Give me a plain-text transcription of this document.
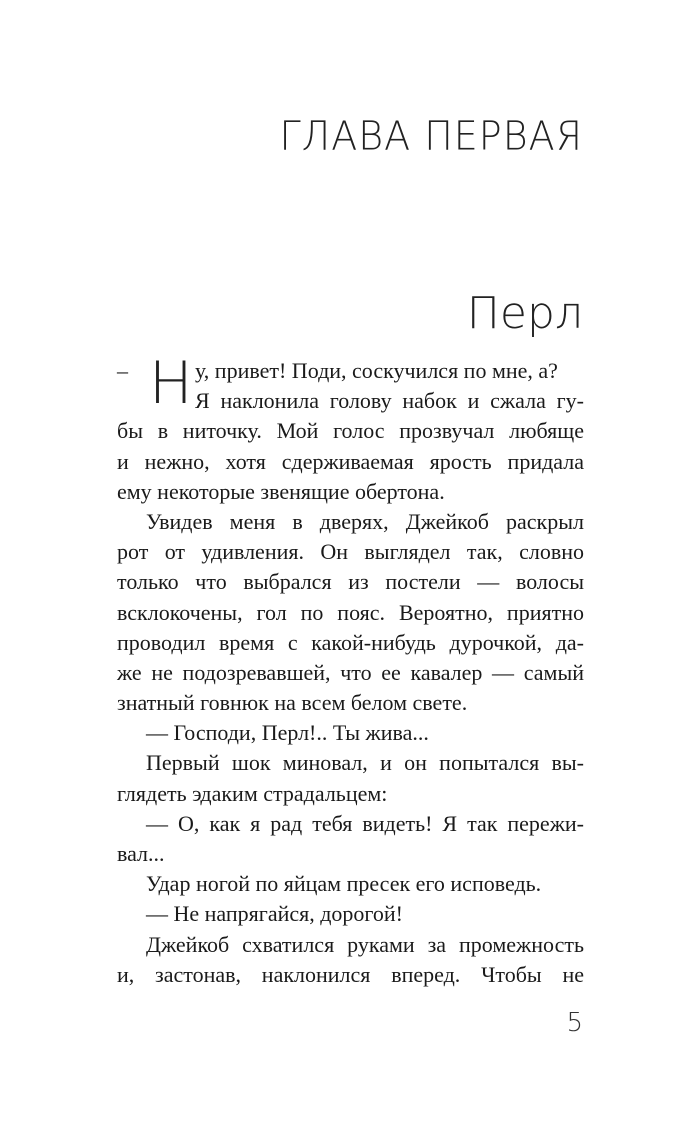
ГЛАВА ПЕРВАЯ
Перл
– Н у, привет! Поди, соскучился по мне, а?
Я наклонила голову набок и сжала гу-
бы в ниточку. Мой голос прозвучал любяще
и нежно, хотя сдерживаемая ярость придала
ему некоторые звенящие обертона.
Увидев меня в дверях, Джейкоб раскрыл
рот от удивления. Он выглядел так, словно
только что выбрался из постели — волосы
всклокочены, гол по пояс. Вероятно, приятно
проводил время с какой-нибудь дурочкой, да-
же не подозревавшей, что ее кавалер — самый
знатный говнюк на всем белом свете.
— Господи, Перл!.. Ты жива...
Первый шок миновал, и он попытался вы-
глядеть эдаким страдальцем:
— О, как я рад тебя видеть! Я так пережи-
вал...
Удар ногой по яйцам пресек его исповедь.
— Не напрягайся, дорогой!
Джейкоб схватился руками за промежность
и, застонав, наклонился вперед. Чтобы не
5
